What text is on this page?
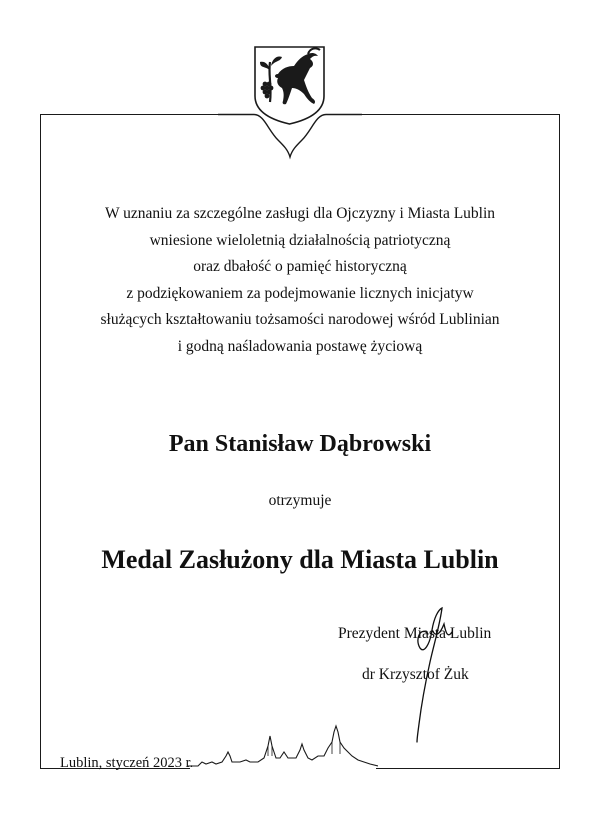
W uznaniu za szczególne zasługi dla Ojczyzny i Miasta Lublin
wniesione wieloletnią działalnością patriotyczną
oraz dbałość o pamięć historyczną
z podziękowaniem za podejmowanie licznych inicjatyw
służących kształtowaniu tożsamości narodowej wśród Lublinian
i godną naśladowania postawę życiową
Pan Stanisław Dąbrowski
otrzymuje
Medal Zasłużony dla Miasta Lublin
Prezydent Miasta Lublin
dr Krzysztof Żuk
Lublin, styczeń 2023 r.
